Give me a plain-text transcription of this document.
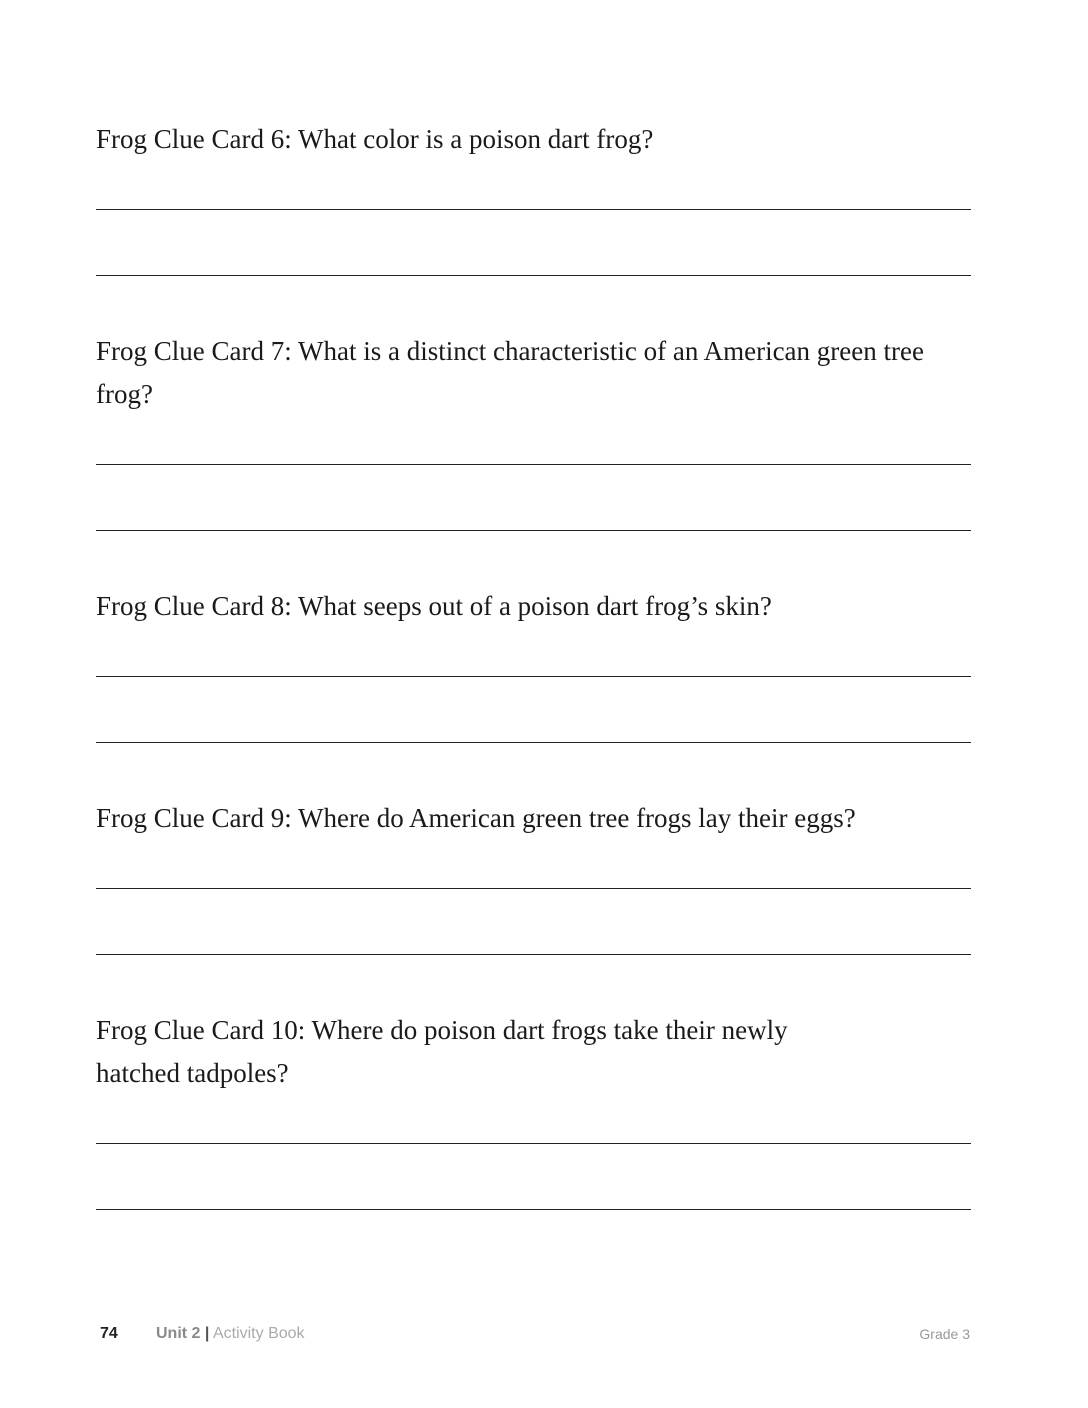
Frog Clue Card 6: What color is a poison dart frog?

Frog Clue Card 7: What is a distinct characteristic of an American green tree frog?

Frog Clue Card 8: What seeps out of a poison dart frog’s skin?

Frog Clue Card 9: Where do American green tree frogs lay their eggs?

Frog Clue Card 10: Where do poison dart frogs take their newly hatched tadpoles?

74 Unit 2 | Activity Book	Grade 3
